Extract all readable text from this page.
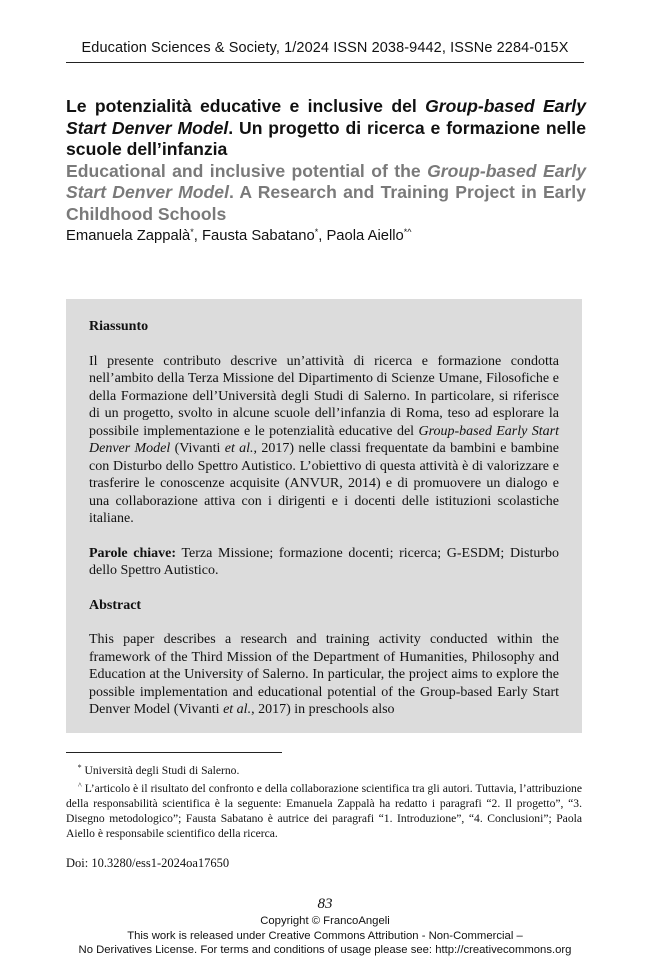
Education Sciences & Society, 1/2024 ISSN 2038-9442, ISSNe 2284-015X

Le potenzialità educative e inclusive del Group-based Early Start Denver Model. Un progetto di ricerca e formazione nelle scuole dell’infanzia

Educational and inclusive potential of the Group-based Early Start Denver Model. A Research and Training Project in Early Childhood Schools

Emanuela Zappalà*, Fausta Sabatano*, Paola Aiello*^
Riassunto

Il presente contributo descrive un’attività di ricerca e formazione condotta nell’ambito della Terza Missione del Dipartimento di Scienze Umane, Filosofiche e della Formazione dell’Università degli Studi di Salerno. In particolare, si riferisce di un progetto, svolto in alcune scuole dell’infanzia di Roma, teso ad esplorare la possibile implementazione e le potenzialità educative del Group-based Early Start Denver Model (Vivanti et al., 2017) nelle classi frequentate da bambini e bambine con Disturbo dello Spettro Autistico. L’obiettivo di questa attività è di valorizzare e trasferire le conoscenze acquisite (ANVUR, 2014) e di promuovere un dialogo e una collaborazione attiva con i dirigenti e i docenti delle istituzioni scolastiche italiane.

Parole chiave: Terza Missione; formazione docenti; ricerca; G-ESDM; Disturbo dello Spettro Autistico.

Abstract

This paper describes a research and training activity conducted within the framework of the Third Mission of the Department of Humanities, Philosophy and Education at the University of Salerno. In particular, the project aims to explore the possible implementation and educational potential of the Group-based Early Start Denver Model (Vivanti et al., 2017) in preschools also

* Università degli Studi di Salerno.

^ L’articolo è il risultato del confronto e della collaborazione scientifica tra gli autori. Tuttavia, l’attribuzione della responsabilità scientifica è la seguente: Emanuela Zappalà ha redatto i paragrafi “2. Il progetto”, “3. Disegno metodologico”; Fausta Sabatano è autrice dei paragrafi “1. Introduzione”, “4. Conclusioni”; Paola Aiello è responsabile scientifico della ricerca.

Doi: 10.3280/ess1-2024oa17650
83
Copyright © FrancoAngeli
This work is released under Creative Commons Attribution - Non-Commercial –
No Derivatives License. For terms and conditions of usage please see: http://creativecommons.org
